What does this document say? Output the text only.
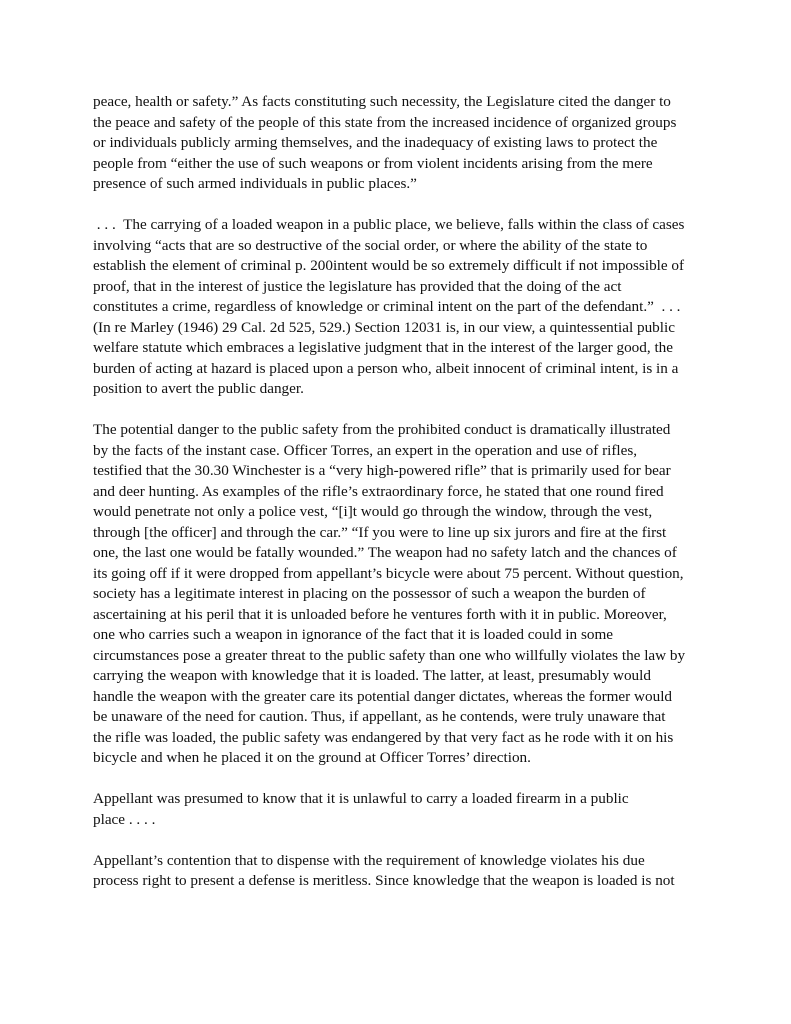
peace, health or safety.” As facts constituting such necessity, the Legislature cited the danger to
the peace and safety of the people of this state from the increased incidence of organized groups
or individuals publicly arming themselves, and the inadequacy of existing laws to protect the
people from “either the use of such weapons or from violent incidents arising from the mere
presence of such armed individuals in public places.”

. . .  The carrying of a loaded weapon in a public place, we believe, falls within the class of cases
involving “acts that are so destructive of the social order, or where the ability of the state to
establish the element of criminal p. 200intent would be so extremely difficult if not impossible of
proof, that in the interest of justice the legislature has provided that the doing of the act
constitutes a crime, regardless of knowledge or criminal intent on the part of the defendant.”  . . .
(In re Marley (1946) 29 Cal. 2d 525, 529.) Section 12031 is, in our view, a quintessential public
welfare statute which embraces a legislative judgment that in the interest of the larger good, the
burden of acting at hazard is placed upon a person who, albeit innocent of criminal intent, is in a
position to avert the public danger.

The potential danger to the public safety from the prohibited conduct is dramatically illustrated
by the facts of the instant case. Officer Torres, an expert in the operation and use of rifles,
testified that the 30.30 Winchester is a “very high-powered rifle” that is primarily used for bear
and deer hunting. As examples of the rifle’s extraordinary force, he stated that one round fired
would penetrate not only a police vest, “[i]t would go through the window, through the vest,
through [the officer] and through the car.” “If you were to line up six jurors and fire at the first
one, the last one would be fatally wounded.” The weapon had no safety latch and the chances of
its going off if it were dropped from appellant’s bicycle were about 75 percent. Without question,
society has a legitimate interest in placing on the possessor of such a weapon the burden of
ascertaining at his peril that it is unloaded before he ventures forth with it in public. Moreover,
one who carries such a weapon in ignorance of the fact that it is loaded could in some
circumstances pose a greater threat to the public safety than one who willfully violates the law by
carrying the weapon with knowledge that it is loaded. The latter, at least, presumably would
handle the weapon with the greater care its potential danger dictates, whereas the former would
be unaware of the need for caution. Thus, if appellant, as he contends, were truly unaware that
the rifle was loaded, the public safety was endangered by that very fact as he rode with it on his
bicycle and when he placed it on the ground at Officer Torres’ direction.

Appellant was presumed to know that it is unlawful to carry a loaded firearm in a public
place . . . .

Appellant’s contention that to dispense with the requirement of knowledge violates his due
process right to present a defense is meritless. Since knowledge that the weapon is loaded is not
